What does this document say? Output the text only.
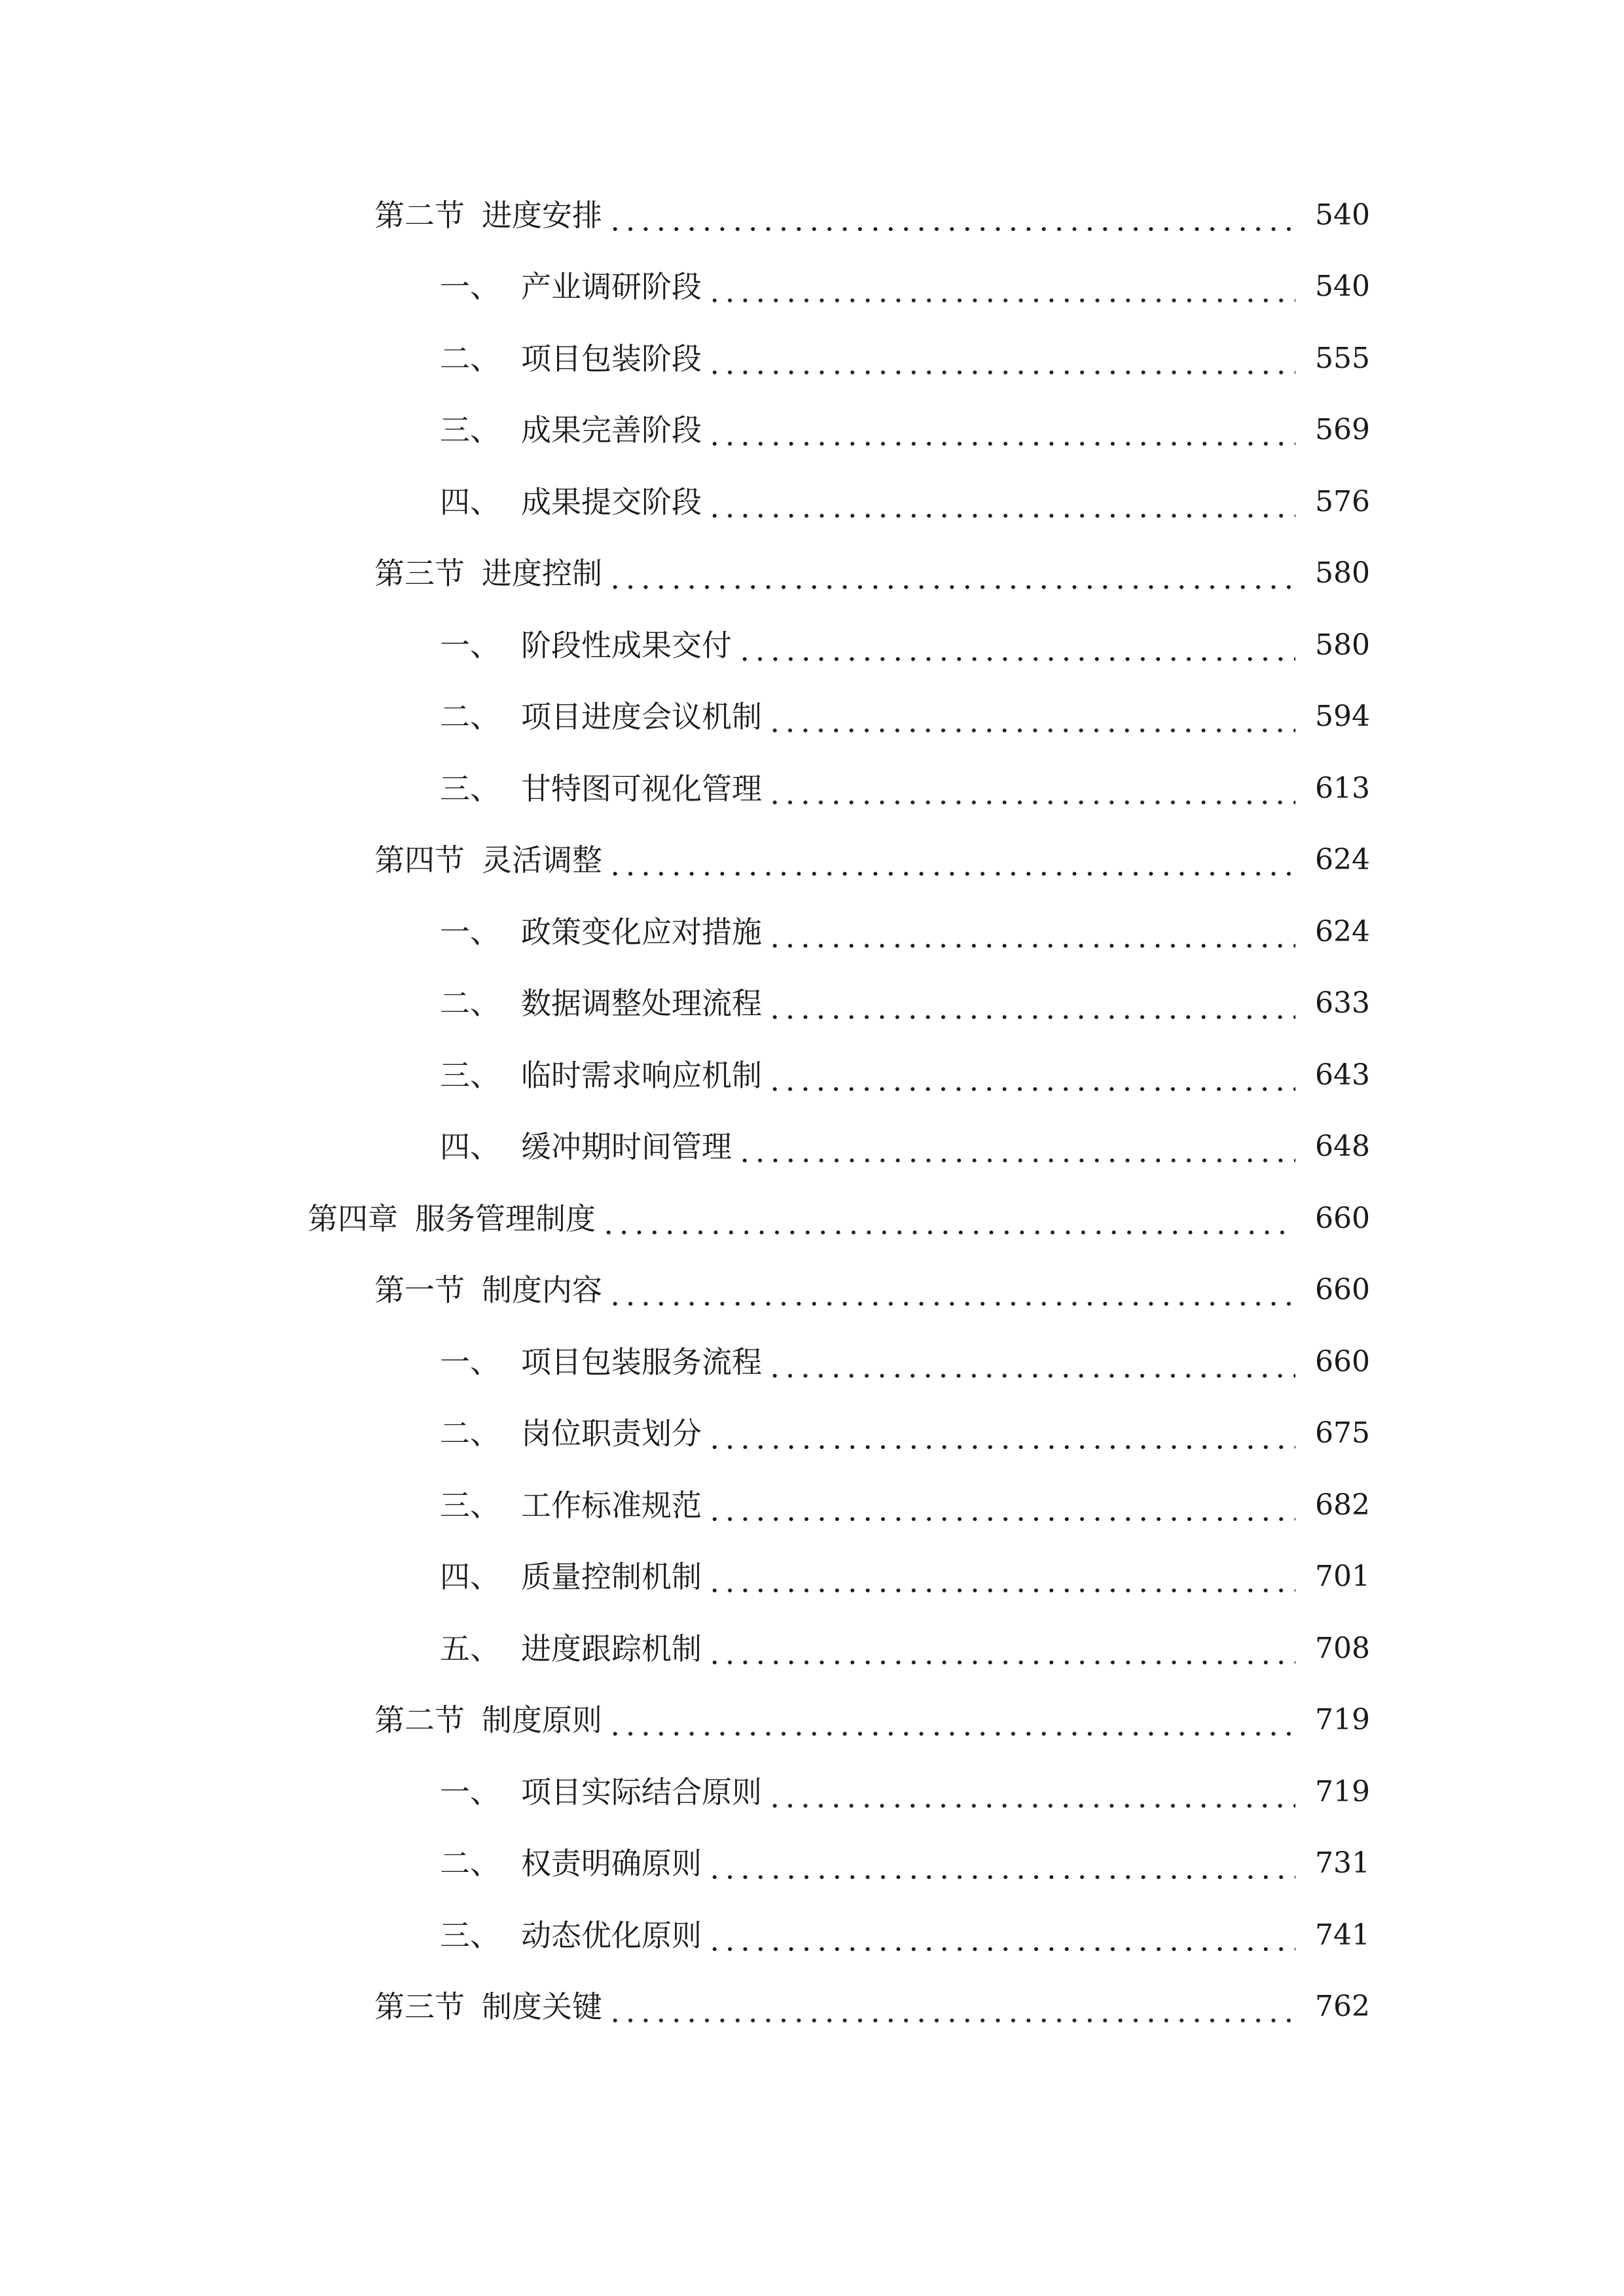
第二节 进度安排	540
一、 产业调研阶段	540
二、 项目包装阶段	555
三、 成果完善阶段	569
四、 成果提交阶段	576
第三节 进度控制	580
一、 阶段性成果交付	580
二、 项目进度会议机制	594
三、 甘特图可视化管理	613
第四节 灵活调整	624
一、 政策变化应对措施	624
二、 数据调整处理流程	633
三、 临时需求响应机制	643
四、 缓冲期时间管理	648
第四章 服务管理制度	660
第一节 制度内容	660
一、 项目包装服务流程	660
二、 岗位职责划分	675
三、 工作标准规范	682
四、 质量控制机制	701
五、 进度跟踪机制	708
第二节 制度原则	719
一、 项目实际结合原则	719
二、 权责明确原则	731
三、 动态优化原则	741
第三节 制度关键	762
